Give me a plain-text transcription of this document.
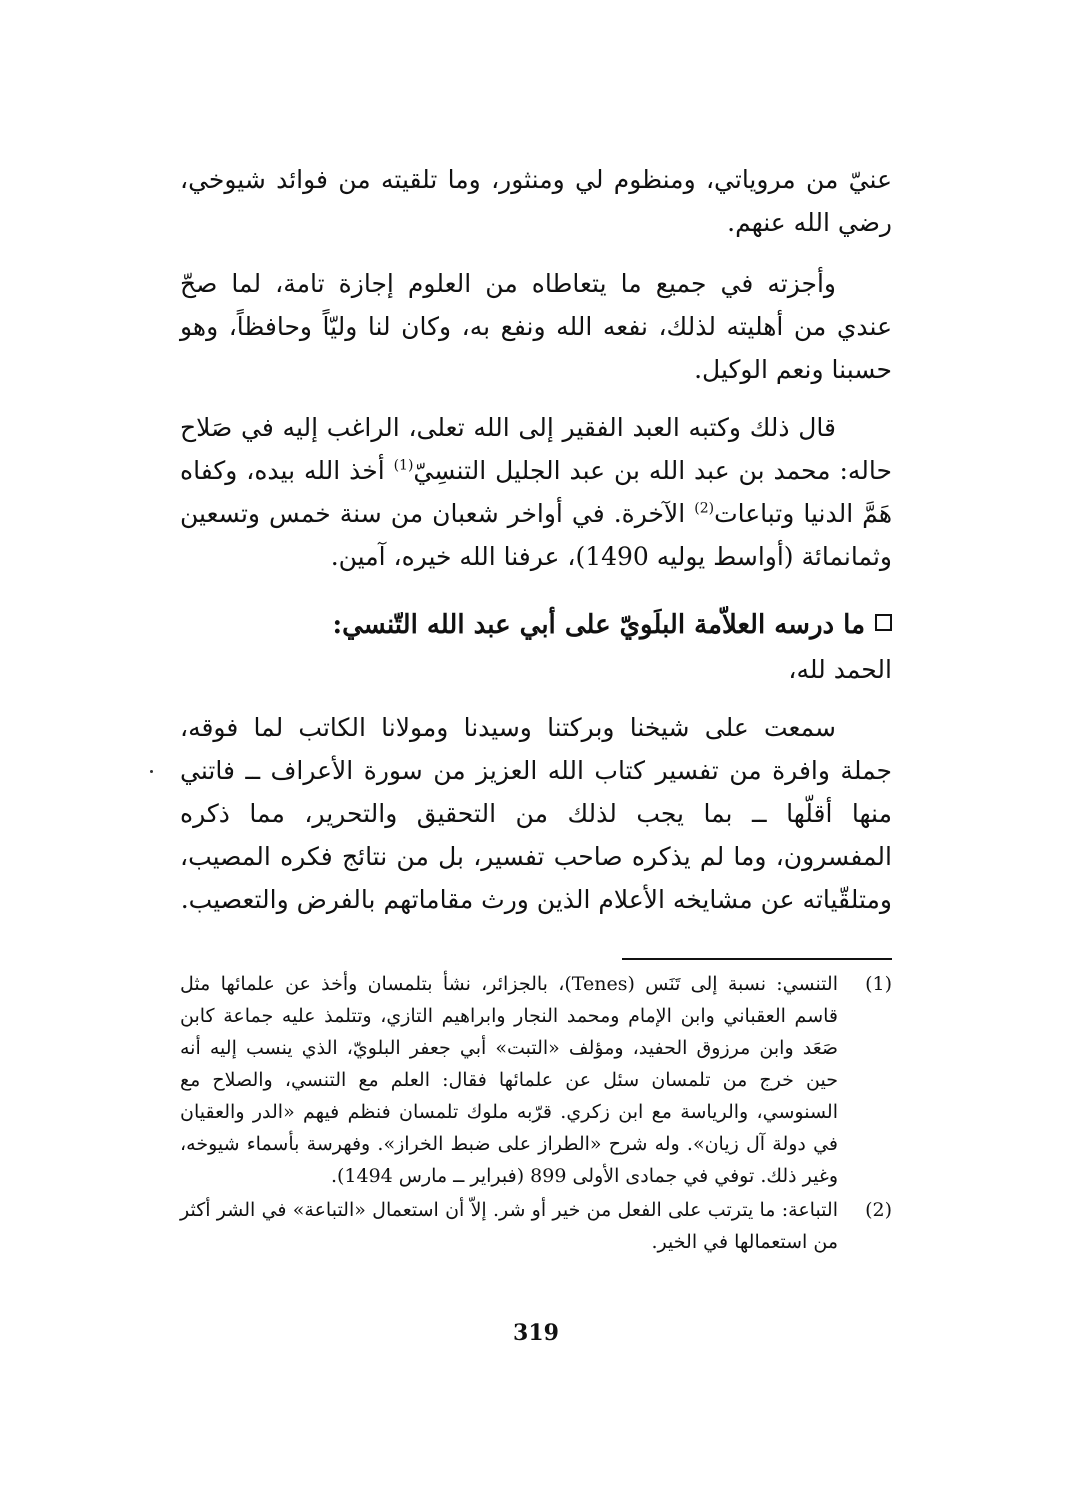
عنيّ من مروياتي، ومنظوم لي ومنثور، وما تلقيته من فوائد شيوخي، رضي الله عنهم.

وأجزته في جميع ما يتعاطاه من العلوم إجازة تامة، لما صحّ عندي من أهليته لذلك، نفعه الله ونفع به، وكان لنا وليّاً وحافظاً، وهو حسبنا ونعم الوكيل.

قال ذلك وكتبه العبد الفقير إلى الله تعلى، الراغب إليه في صَلاح حاله: محمد بن عبد الله بن عبد الجليل التنسِيّ$^{(1)}$ أخذ الله بيده، وكفاه هَمَّ الدنيا وتباعات$^{(2)}$ الآخرة. في أواخر شعبان من سنة خمس وتسعين وثمانمائة (أواسط يوليه 1490)، عرفنا الله خيره، آمين.

ما درسه العلاّمة البلَويّ على أبي عبد الله التّنسي:
الحمد لله،

سمعت على شيخنا وبركتنا وسيدنا ومولانا الكاتب لما فوقه، جملة وافرة من تفسير كتاب الله العزيز من سورة الأعراف ــ فاتني منها أقلّها ــ بما يجب لذلك من التحقيق والتحرير، مما ذكره المفسرون، وما لم يذكره صاحب تفسير، بل من نتائج فكره المصيب، ومتلقّياته عن مشايخه الأعلام الذين ورث مقاماتهم بالفرض والتعصيب.

(1)
التنسي: نسبة إلى تَنَس (Tenes)، بالجزائر، نشأ بتلمسان وأخذ عن علمائها مثل قاسم العقباني وابن الإمام ومحمد النجار وابراهيم التازي، وتتلمذ عليه جماعة كابن صَعَد وابن مرزوق الحفيد، ومؤلف «التبت» أبي جعفر البلويّ، الذي ينسب إليه أنه حين خرج من تلمسان سئل عن علمائها فقال: العلم مع التنسي، والصلاح مع السنوسي، والرياسة مع ابن زكري. قرّبه ملوك تلمسان فنظم فيهم «الدر والعقيان في دولة آل زيان». وله شرح «الطراز على ضبط الخراز». وفهرسة بأسماء شيوخه، وغير ذلك. توفي في جمادى الأولى 899 (فبراير ــ مارس 1494).
(2)
التباعة: ما يترتب على الفعل من خير أو شر. إلاّ أن استعمال «التباعة» في الشر أكثر من استعمالها في الخير.
319
